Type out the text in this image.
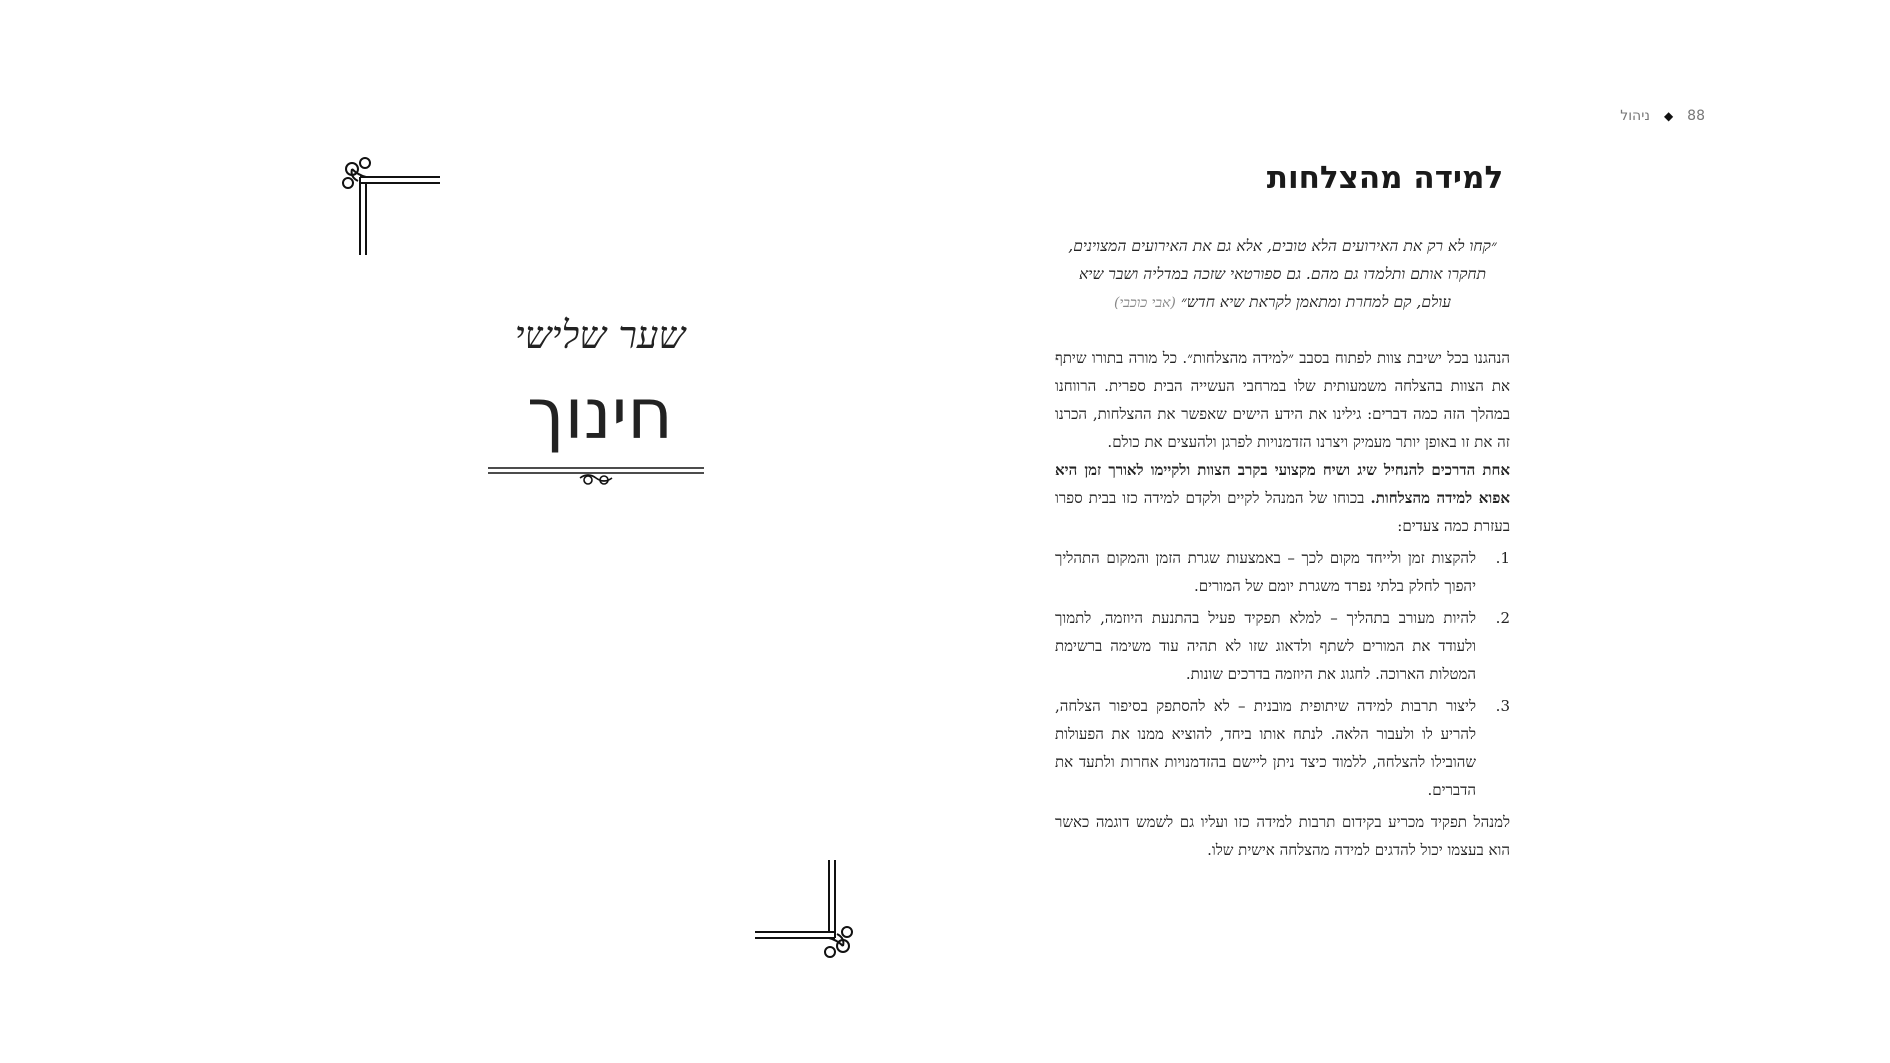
שער שלישי
חינוך
88
◆
ניהול
למידה מהצלחות
״קחו לא רק את האירועים הלא טובים, אלא גם את האירועים המצוינים,
תחקרו אותם ותלמדו גם מהם. גם ספורטאי שזכה במדליה ושבר שיא
עולם, קם למחרת ומתאמן לקראת שיא חדש״ (אבי כוכבי)

הנהגנו בכל ישיבת צוות לפתוח בסבב ״למידה מהצלחות״. כל מורה בתורו שיתף את הצוות בהצלחה משמעותית שלו במרחבי העשייה הבית ספרית. הרווחנו במהלך הזה כמה דברים: גילינו את הידע הישים שאפשר את ההצלחות, הכרנו זה את זו באופן יותר מעמיק ויצרנו הזדמנויות לפרגן ולהעצים את כולם.

אחת הדרכים להנחיל שיג ושיח מקצועי בקרב הצוות ולקיימו לאורך זמן היא אפוא למידה מהצלחות. בכוחו של המנהל לקיים ולקדם למידה כזו בבית ספרו בעזרת כמה צעדים:

1.
להקצות זמן ולייחד מקום לכך – באמצעות שגרת הזמן והמקום התהליך יהפוך לחלק בלתי נפרד משגרת יומם של המורים.
2.
להיות מעורב בתהליך – למלא תפקיד פעיל בהתנעת היוזמה, לתמוך ולעודד את המורים לשתף ולדאוג שזו לא תהיה עוד משימה ברשימת המטלות הארוכה. לחגוג את היוזמה בדרכים שונות.
3.
ליצור תרבות למידה שיתופית מובנית – לא להסתפק בסיפור הצלחה, להריע לו ולעבור הלאה. לנתח אותו ביחד, להוציא ממנו את הפעולות שהובילו להצלחה, ללמוד כיצד ניתן ליישם בהזדמנויות אחרות ולתעד את הדברים.

למנהל תפקיד מכריע בקידום תרבות למידה כזו ועליו גם לשמש דוגמה כאשר הוא בעצמו יכול להדגים למידה מהצלחה אישית שלו.
